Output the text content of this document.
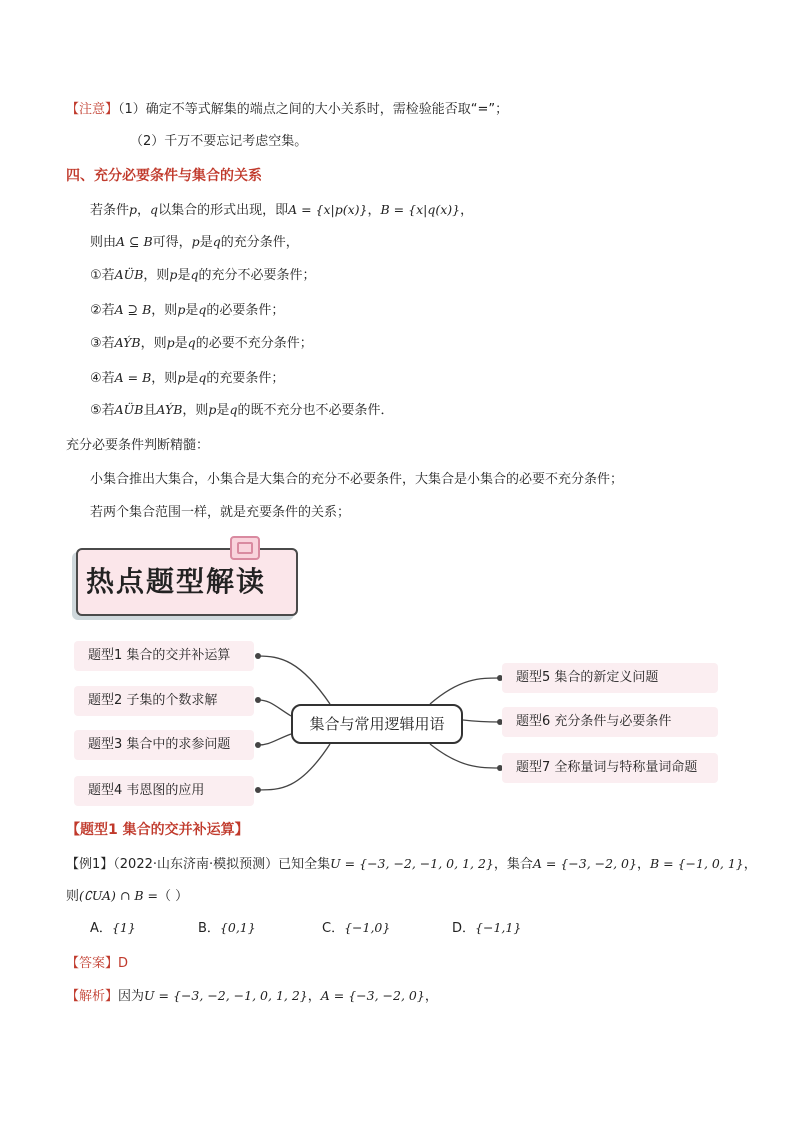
【注意】（1）确定不等式解集的端点之间的大小关系时，需检验能否取“=”；
（2）千万不要忘记考虑空集。
四、充分必要条件与集合的关系
若条件p，q以集合的形式出现，即A = {x|p(x)}，B = {x|q(x)}，
则由A ⊆ B可得，p是q的充分条件，
①若AÜB，则p是q的充分不必要条件；
②若A ⊇ B，则p是q的必要条件；
③若AÝB，则p是q的必要不充分条件；
④若A = B，则p是q的充要条件；
⑤若AÜB且AÝB，则p是q的既不充分也不必要条件．
充分必要条件判断精髓：
小集合推出大集合，小集合是大集合的充分不必要条件，大集合是小集合的必要不充分条件；
若两个集合范围一样，就是充要条件的关系；
热点题型解读
题型1 集合的交并补运算
题型2 子集的个数求解
题型3 集合中的求参问题
题型4 韦恩图的应用
集合与常用逻辑用语
题型5 集合的新定义问题
题型6 充分条件与必要条件
题型7 全称量词与特称量词命题
【题型1 集合的交并补运算】
【例1】（2022·山东济南·模拟预测）已知全集U = {−3, −2, −1, 0, 1, 2}，集合A = {−3, −2, 0}，B = {−1, 0, 1}，
则(∁UA) ∩ B =（ ）
A．{1}	B．{0,1}	C．{−1,0}	D．{−1,1}
【答案】D
【解析】因为U = {−3, −2, −1, 0, 1, 2}，A = {−3, −2, 0}，
